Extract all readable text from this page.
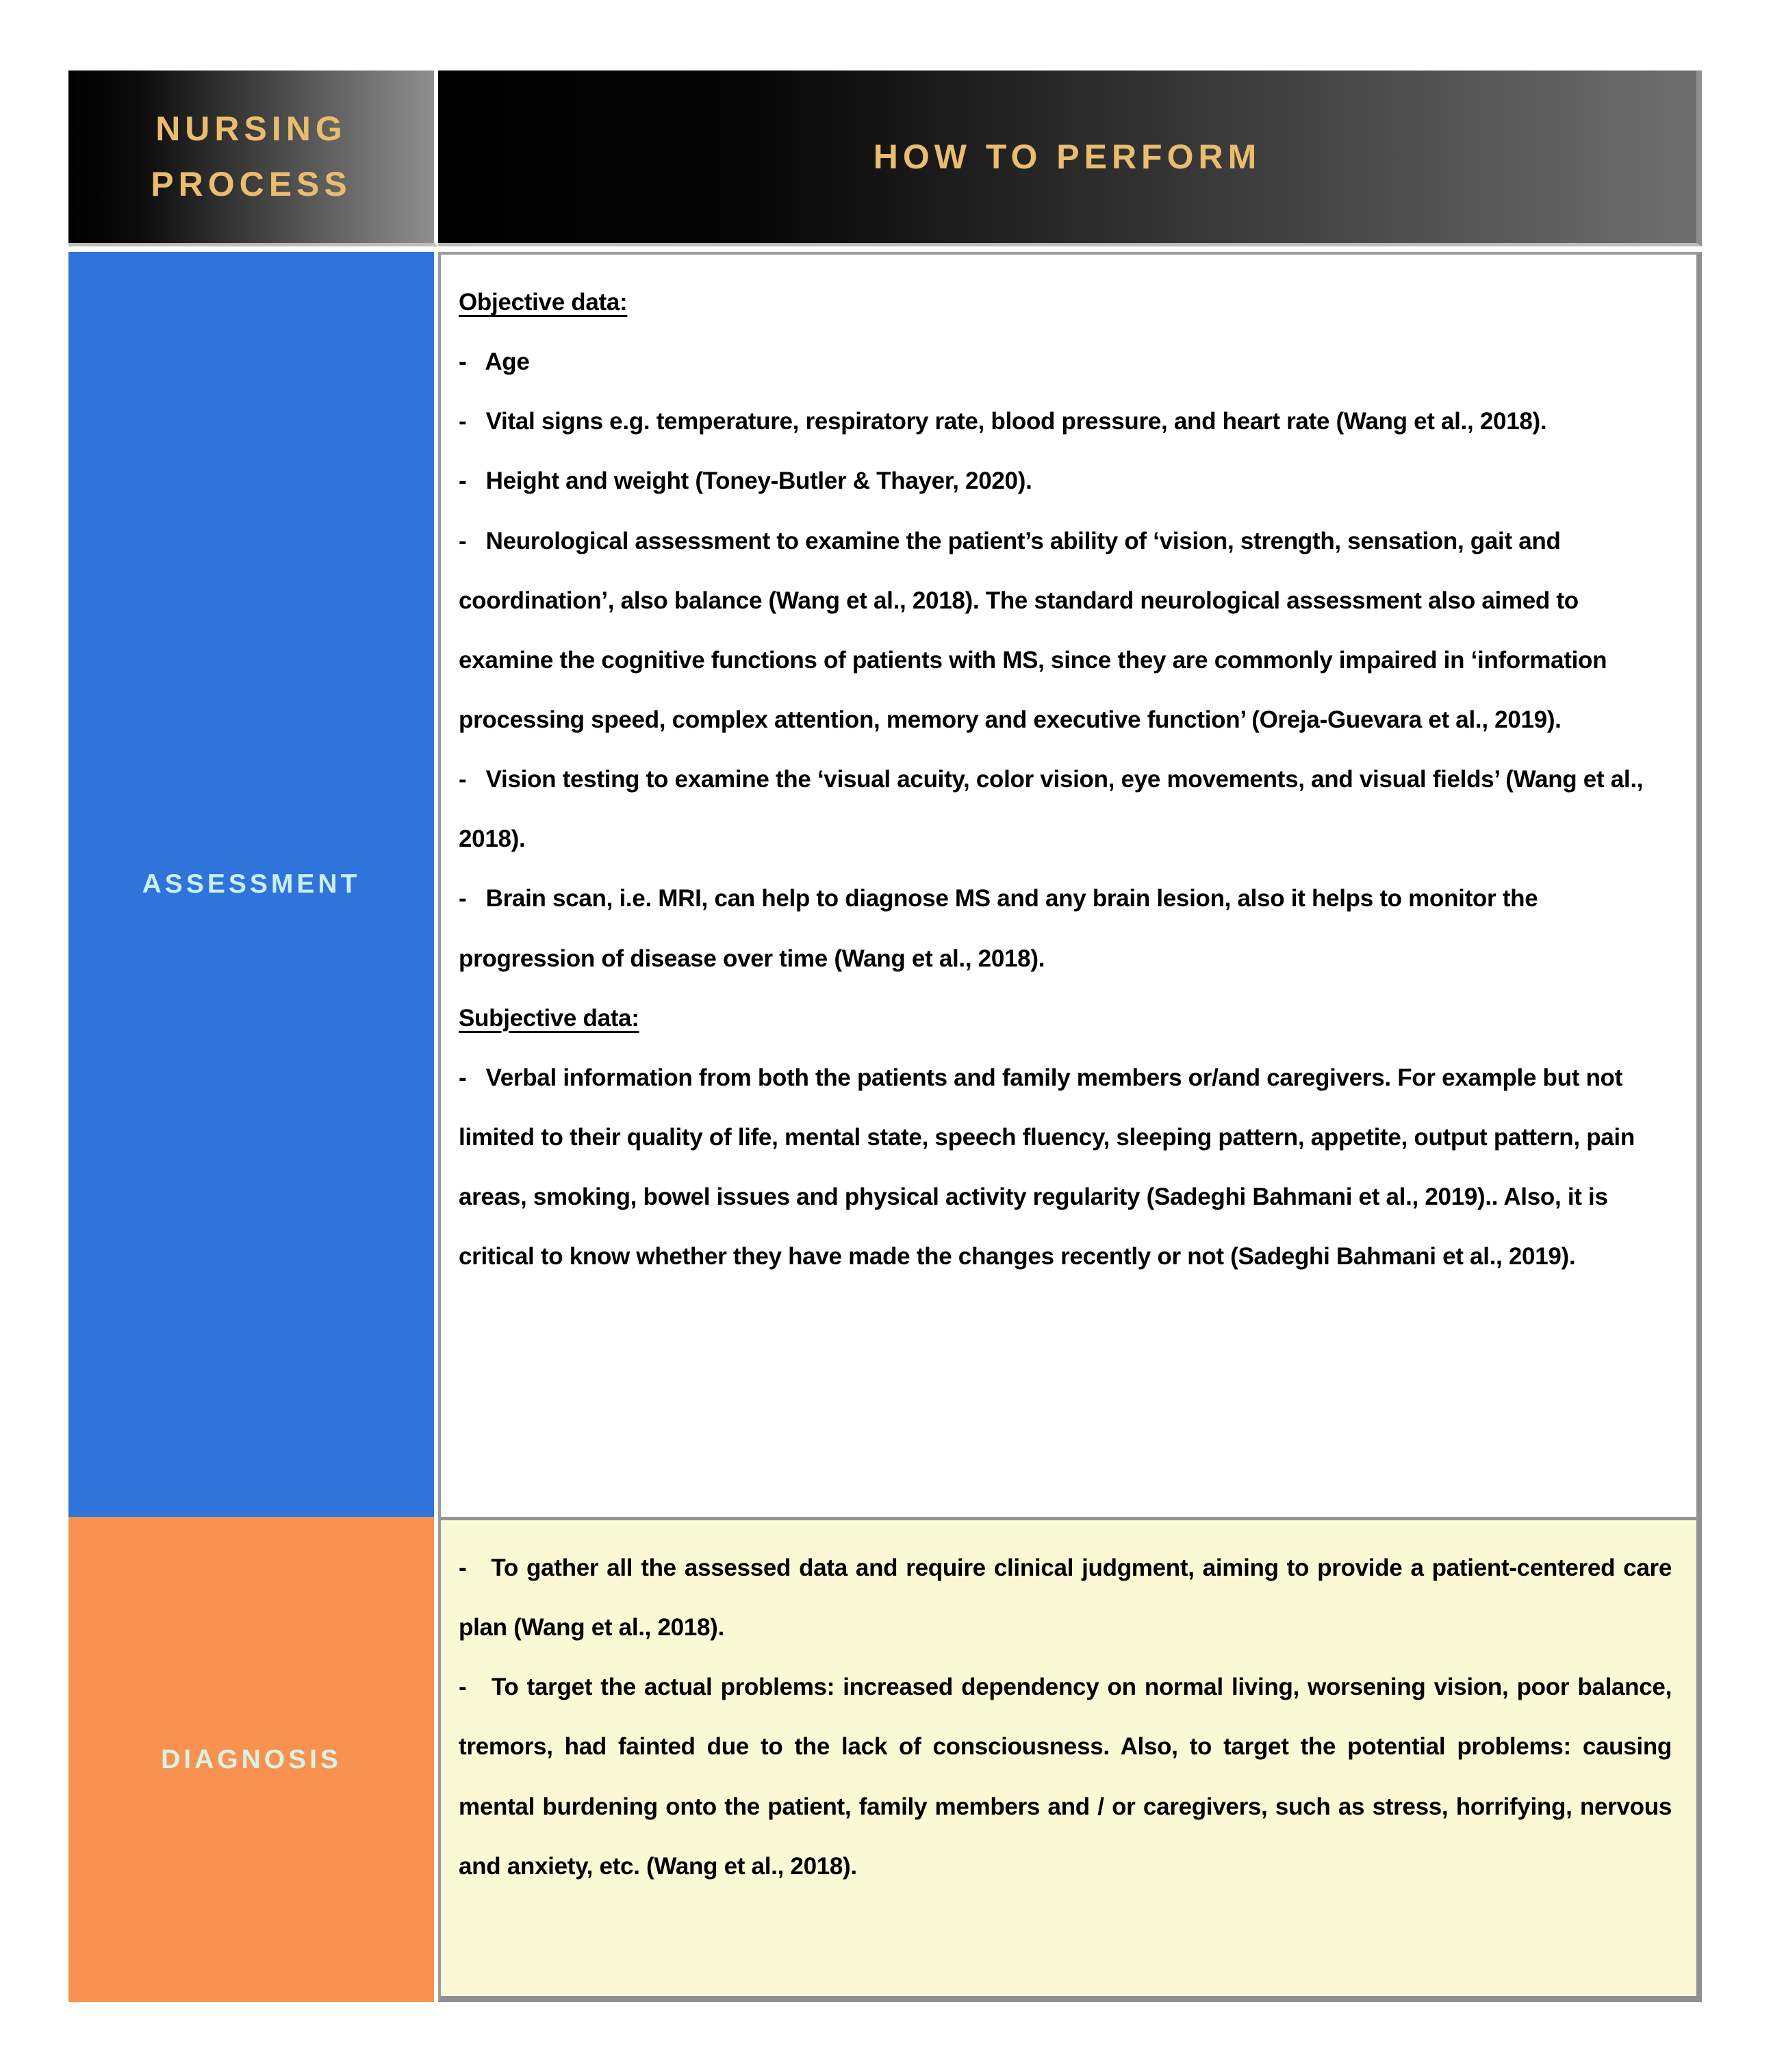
NURSING PROCESS
HOW TO PERFORM
ASSESSMENT

Objective data:

-   Age

-   Vital signs e.g. temperature, respiratory rate, blood pressure, and heart rate (Wang et al., 2018).

-   Height and weight (Toney-Butler & Thayer, 2020).

-   Neurological assessment to examine the patient’s ability of ‘vision, strength, sensation, gait and coordination’, also balance (Wang et al., 2018). The standard neurological assessment also aimed to examine the cognitive functions of patients with MS, since they are commonly impaired in ‘information processing speed, complex attention, memory and executive function’ (Oreja-Guevara et al., 2019).

-   Vision testing to examine the ‘visual acuity, color vision, eye movements, and visual fields’ (Wang et al., 2018).

-   Brain scan, i.e. MRI, can help to diagnose MS and any brain lesion, also it helps to monitor the progression of disease over time (Wang et al., 2018).

Subjective data:

-   Verbal information from both the patients and family members or/and caregivers. For example but not limited to their quality of life, mental state, speech fluency, sleeping pattern, appetite, output pattern, pain areas, smoking, bowel issues and physical activity regularity (Sadeghi Bahmani et al., 2019).. Also, it is critical to know whether they have made the changes recently or not (Sadeghi Bahmani et al., 2019).

DIAGNOSIS

-   To gather all the assessed data and require clinical judgment, aiming to provide a patient-centered care plan (Wang et al., 2018).

-   To target the actual problems: increased dependency on normal living, worsening vision, poor balance, tremors, had fainted due to the lack of consciousness. Also, to target the potential problems: causing mental burdening onto the patient, family members and / or caregivers, such as stress, horrifying, nervous and anxiety, etc. (Wang et al., 2018).
